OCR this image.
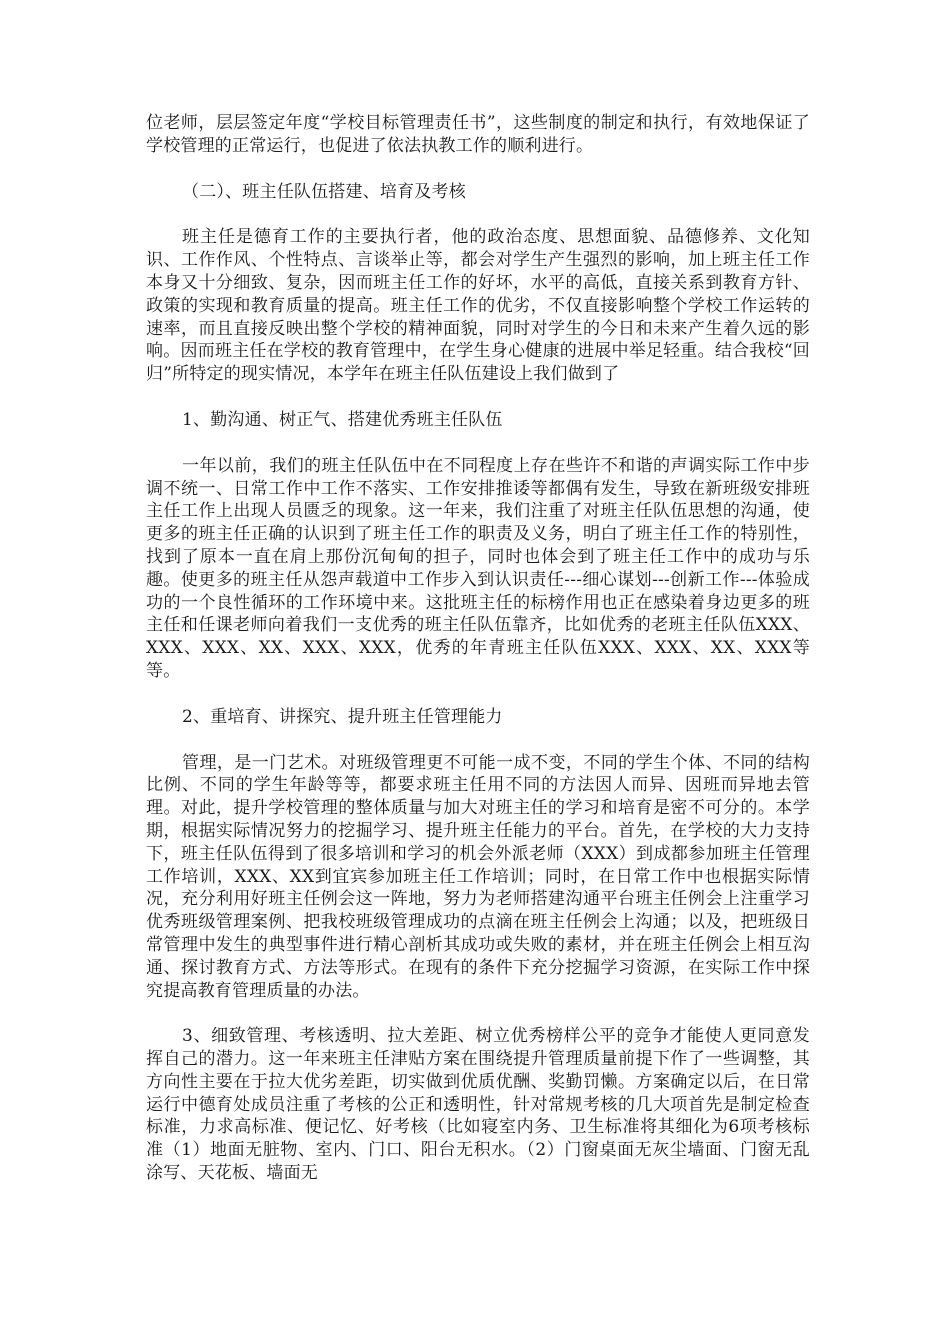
位老师，层层签定年度“学校目标管理责任书”，这些制度的制定和执行，有效地保证了学校管理的正常运行，也促进了依法执教工作的顺利进行。

（二）、班主任队伍搭建、培育及考核

班主任是德育工作的主要执行者，他的政治态度、思想面貌、品德修养、文化知识、工作作风、个性特点、言谈举止等，都会对学生产生强烈的影响，加上班主任工作本身又十分细致、复杂，因而班主任工作的好坏，水平的高低，直接关系到教育方针、政策的实现和教育质量的提高。班主任工作的优劣，不仅直接影响整个学校工作运转的速率，而且直接反映出整个学校的精神面貌，同时对学生的今日和未来产生着久远的影响。因而班主任在学校的教育管理中，在学生身心健康的进展中举足轻重。结合我校“回归”所特定的现实情况，本学年在班主任队伍建设上我们做到了

1、勤沟通、树正气、搭建优秀班主任队伍

一年以前，我们的班主任队伍中在不同程度上存在些许不和谐的声调实际工作中步调不统一、日常工作中工作不落实、工作安排推诿等都偶有发生，导致在新班级安排班主任工作上出现人员匮乏的现象。这一年来，我们注重了对班主任队伍思想的沟通，使更多的班主任正确的认识到了班主任工作的职责及义务，明白了班主任工作的特别性，找到了原本一直在肩上那份沉甸甸的担子，同时也体会到了班主任工作中的成功与乐趣。使更多的班主任从怨声载道中工作步入到认识责任---细心谋划---创新工作---体验成功的一个良性循环的工作环境中来。这批班主任的标榜作用也正在感染着身边更多的班主任和任课老师向着我们一支优秀的班主任队伍靠齐，比如优秀的老班主任队伍XXX、XXX、XXX、XX、XXX、XXX，优秀的年青班主任队伍XXX、XXX、XX、XXX等等。

2、重培育、讲探究、提升班主任管理能力

管理，是一门艺术。对班级管理更不可能一成不变，不同的学生个体、不同的结构比例、不同的学生年龄等等，都要求班主任用不同的方法因人而异、因班而异地去管理。对此，提升学校管理的整体质量与加大对班主任的学习和培育是密不可分的。本学期，根据实际情况努力的挖掘学习、提升班主任能力的平台。首先，在学校的大力支持下，班主任队伍得到了很多培训和学习的机会外派老师（XXX）到成都参加班主任管理工作培训，XXX、XX到宜宾参加班主任工作培训；同时，在日常工作中也根据实际情况，充分利用好班主任例会这一阵地，努力为老师搭建沟通平台班主任例会上注重学习优秀班级管理案例、把我校班级管理成功的点滴在班主任例会上沟通；以及，把班级日常管理中发生的典型事件进行精心剖析其成功或失败的素材，并在班主任例会上相互沟通、探讨教育方式、方法等形式。在现有的条件下充分挖掘学习资源，在实际工作中探究提高教育管理质量的办法。

3、细致管理、考核透明、拉大差距、树立优秀榜样公平的竞争才能使人更同意发挥自己的潜力。这一年来班主任津贴方案在围绕提升管理质量前提下作了一些调整，其方向性主要在于拉大优劣差距，切实做到优质优酬、奖勤罚懒。方案确定以后，在日常运行中德育处成员注重了考核的公正和透明性，针对常规考核的几大项首先是制定检查标准，力求高标准、便记忆、好考核（比如寝室内务、卫生标准将其细化为6项考核标准（1）地面无脏物、室内、门口、阳台无积水。（2）门窗桌面无灰尘墙面、门窗无乱涂写、天花板、墙面无
